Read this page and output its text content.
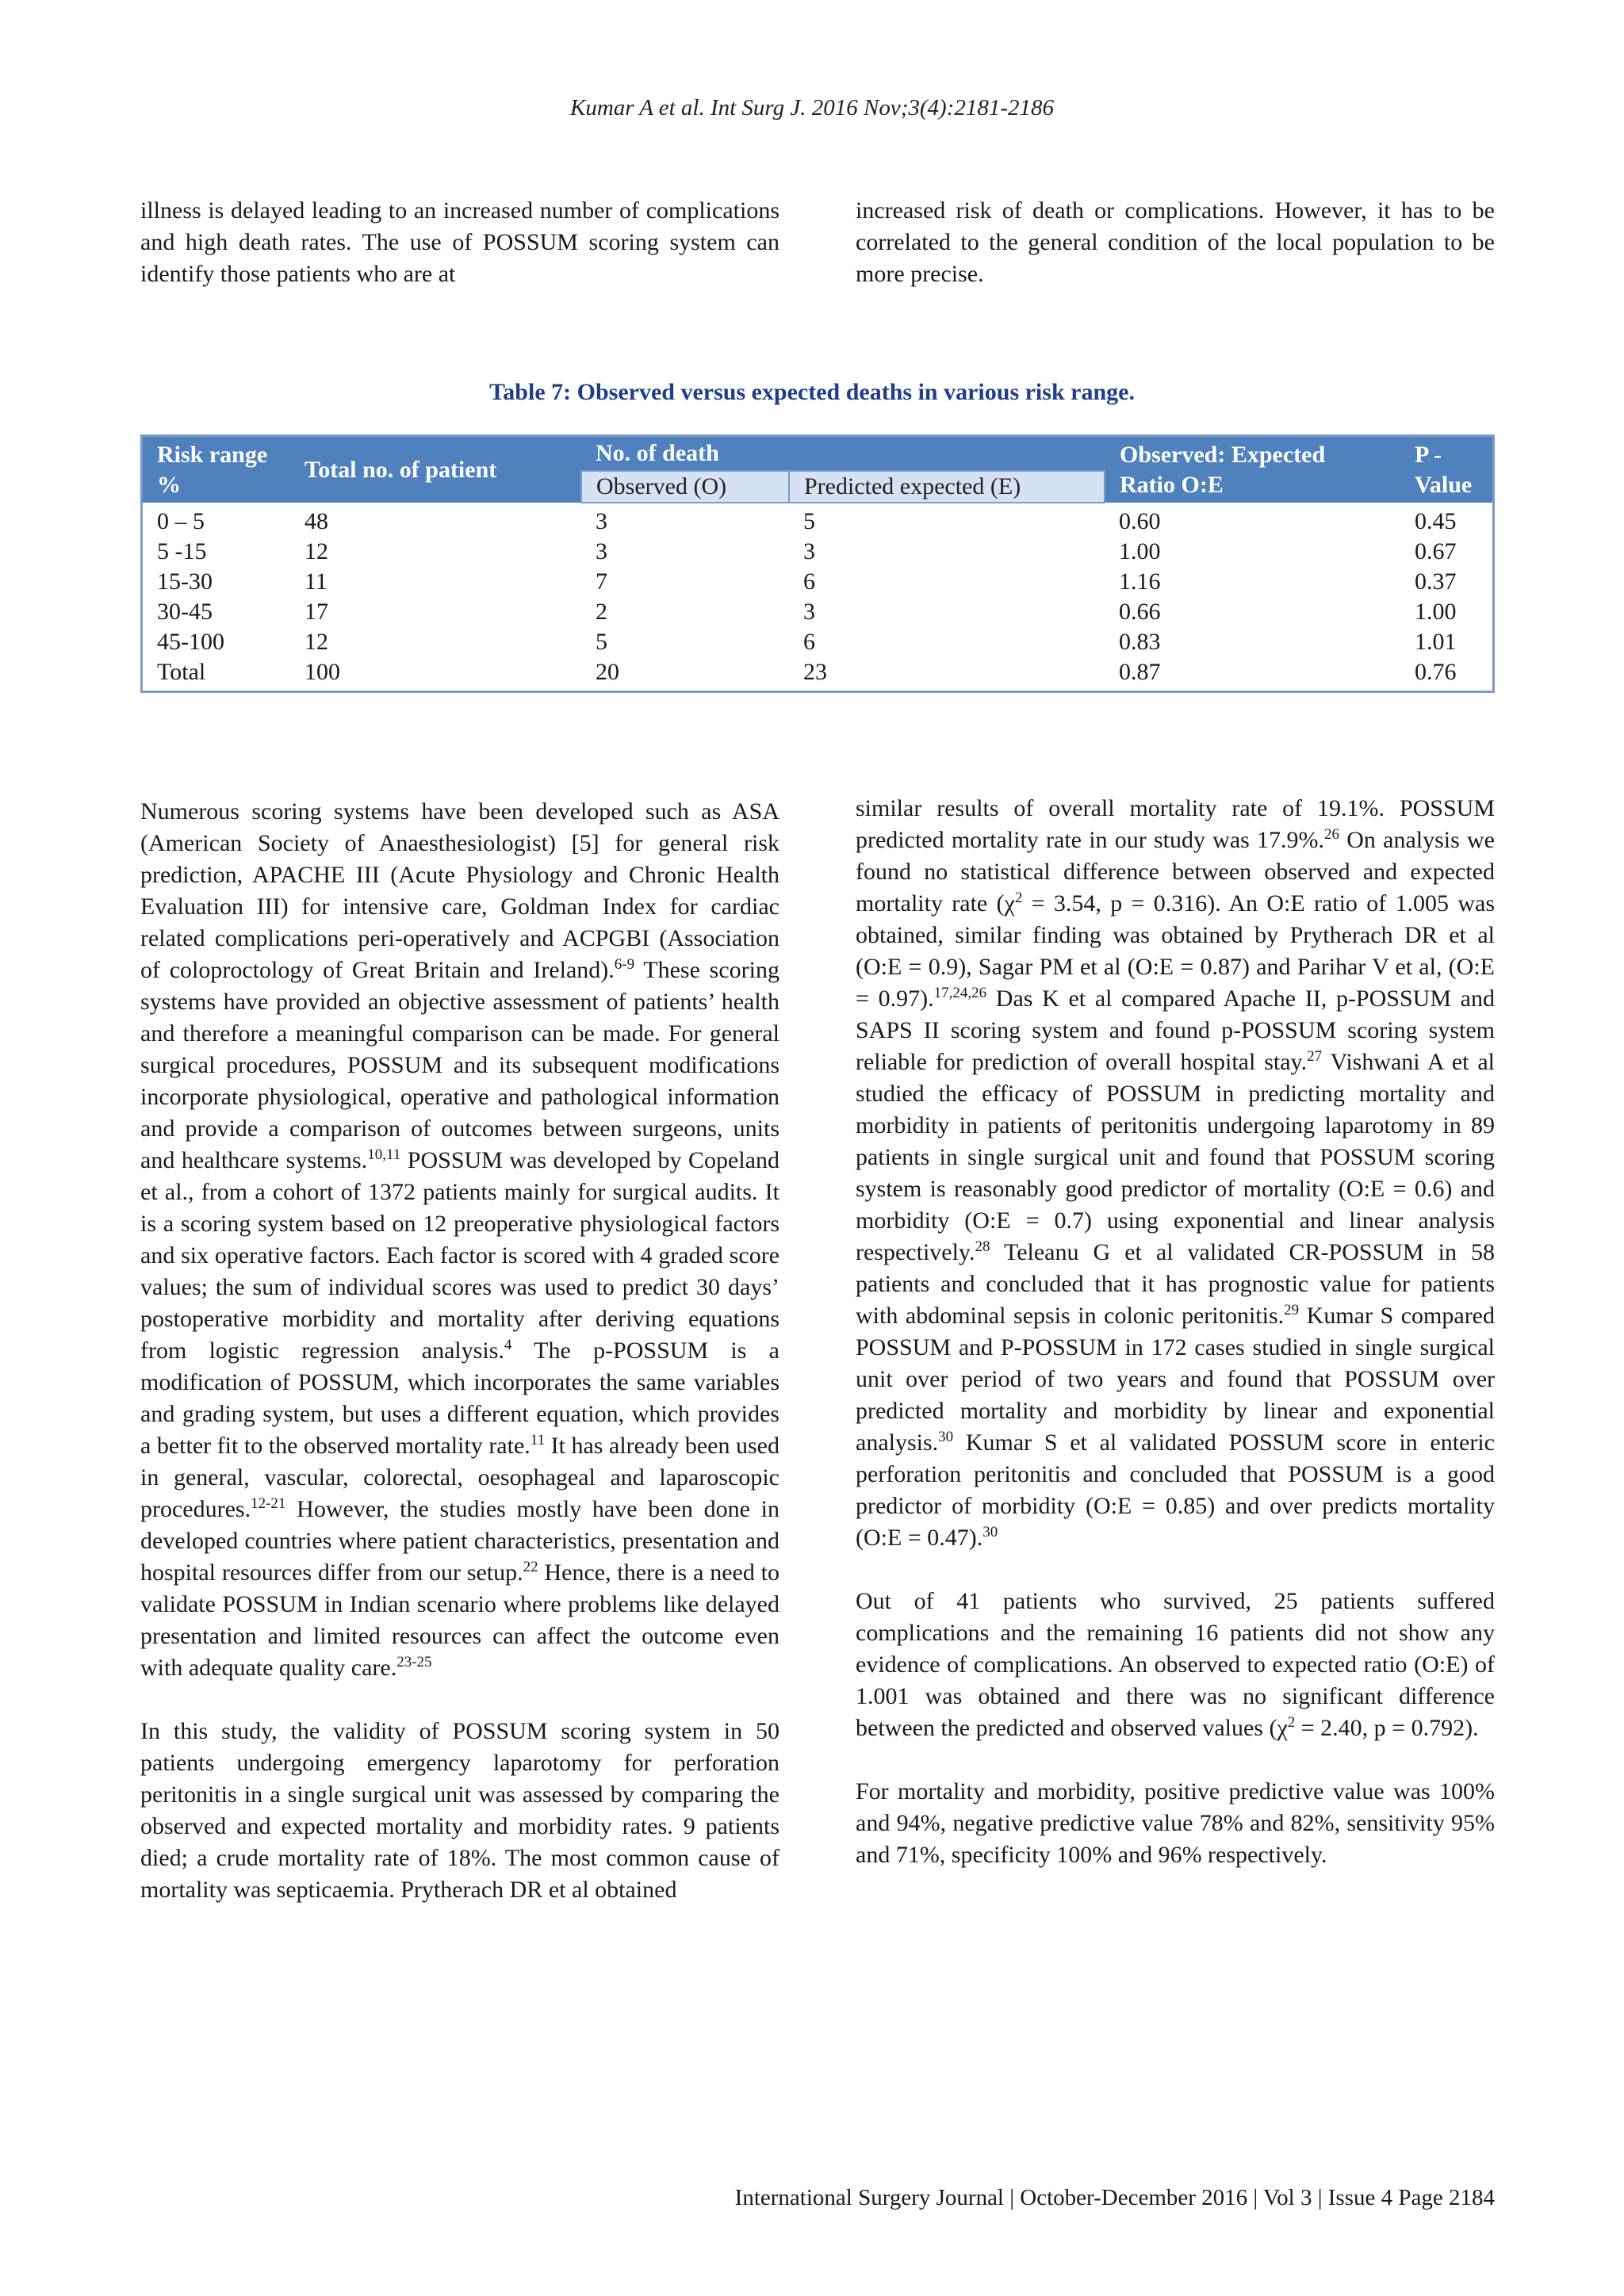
Kumar A et al. Int Surg J. 2016 Nov;3(4):2181-2186

illness is delayed leading to an increased number of complications and high death rates. The use of POSSUM scoring system can identify those patients who are at

increased risk of death or complications. However, it has to be correlated to the general condition of the local population to be more precise.

Table 7: Observed versus expected deaths in various risk range.
Risk range %	Total no. of patient	No. of death		Observed: Expected Ratio O:E	P - Value
		Observed (O)	Predicted expected (E)		
0 – 5	48	3	5	0.60	0.45
5 -15	12	3	3	1.00	0.67
15-30	11	7	6	1.16	0.37
30-45	17	2	3	0.66	1.00
45-100	12	5	6	0.83	1.01
Total	100	20	23	0.87	0.76

Numerous scoring systems have been developed such as ASA (American Society of Anaesthesiologist) [5] for general risk prediction, APACHE III (Acute Physiology and Chronic Health Evaluation III) for intensive care, Goldman Index for cardiac related complications peri-operatively and ACPGBI (Association of coloproctology of Great Britain and Ireland).$^{6-9}$ These scoring systems have provided an objective assessment of patients’ health and therefore a meaningful comparison can be made. For general surgical procedures, POSSUM and its subsequent modifications incorporate physiological, operative and pathological information and provide a comparison of outcomes between surgeons, units and healthcare systems.$^{10,11}$ POSSUM was developed by Copeland et al., from a cohort of 1372 patients mainly for surgical audits. It is a scoring system based on 12 preoperative physiological factors and six operative factors. Each factor is scored with 4 graded score values; the sum of individual scores was used to predict 30 days’ postoperative morbidity and mortality after deriving equations from logistic regression analysis.$^4$ The p-POSSUM is a modification of POSSUM, which incorporates the same variables and grading system, but uses a different equation, which provides a better fit to the observed mortality rate.$^{11}$ It has already been used in general, vascular, colorectal, oesophageal and laparoscopic procedures.$^{12-21}$ However, the studies mostly have been done in developed countries where patient characteristics, presentation and hospital resources differ from our setup.$^{22}$ Hence, there is a need to validate POSSUM in Indian scenario where problems like delayed presentation and limited resources can affect the outcome even with adequate quality care.$^{23-25}$

In this study, the validity of POSSUM scoring system in 50 patients undergoing emergency laparotomy for perforation peritonitis in a single surgical unit was assessed by comparing the observed and expected mortality and morbidity rates. 9 patients died; a crude mortality rate of 18%. The most common cause of mortality was septicaemia. Prytherach DR et al obtained

similar results of overall mortality rate of 19.1%. POSSUM predicted mortality rate in our study was 17.9%.$^{26}$ On analysis we found no statistical difference between observed and expected mortality rate ($\chi^2 = 3.54$, p = 0.316). An O:E ratio of 1.005 was obtained, similar finding was obtained by Prytherach DR et al (O:E = 0.9), Sagar PM et al (O:E = 0.87) and Parihar V et al, (O:E = 0.97).$^{17,24,26}$ Das K et al compared Apache II, p-POSSUM and SAPS II scoring system and found p-POSSUM scoring system reliable for prediction of overall hospital stay.$^{27}$ Vishwani A et al studied the efficacy of POSSUM in predicting mortality and morbidity in patients of peritonitis undergoing laparotomy in 89 patients in single surgical unit and found that POSSUM scoring system is reasonably good predictor of mortality (O:E = 0.6) and morbidity (O:E = 0.7) using exponential and linear analysis respectively.$^{28}$ Teleanu G et al validated CR-POSSUM in 58 patients and concluded that it has prognostic value for patients with abdominal sepsis in colonic peritonitis.$^{29}$ Kumar S compared POSSUM and P-POSSUM in 172 cases studied in single surgical unit over period of two years and found that POSSUM over predicted mortality and morbidity by linear and exponential analysis.$^{30}$ Kumar S et al validated POSSUM score in enteric perforation peritonitis and concluded that POSSUM is a good predictor of morbidity (O:E = 0.85) and over predicts mortality (O:E = 0.47).$^{30}$

Out of 41 patients who survived, 25 patients suffered complications and the remaining 16 patients did not show any evidence of complications. An observed to expected ratio (O:E) of 1.001 was obtained and there was no significant difference between the predicted and observed values ($\chi^2 = 2.40$, p = 0.792).

For mortality and morbidity, positive predictive value was 100% and 94%, negative predictive value 78% and 82%, sensitivity 95% and 71%, specificity 100% and 96% respectively.

International Surgery Journal | October-December 2016 | Vol 3 | Issue 4 Page 2184
